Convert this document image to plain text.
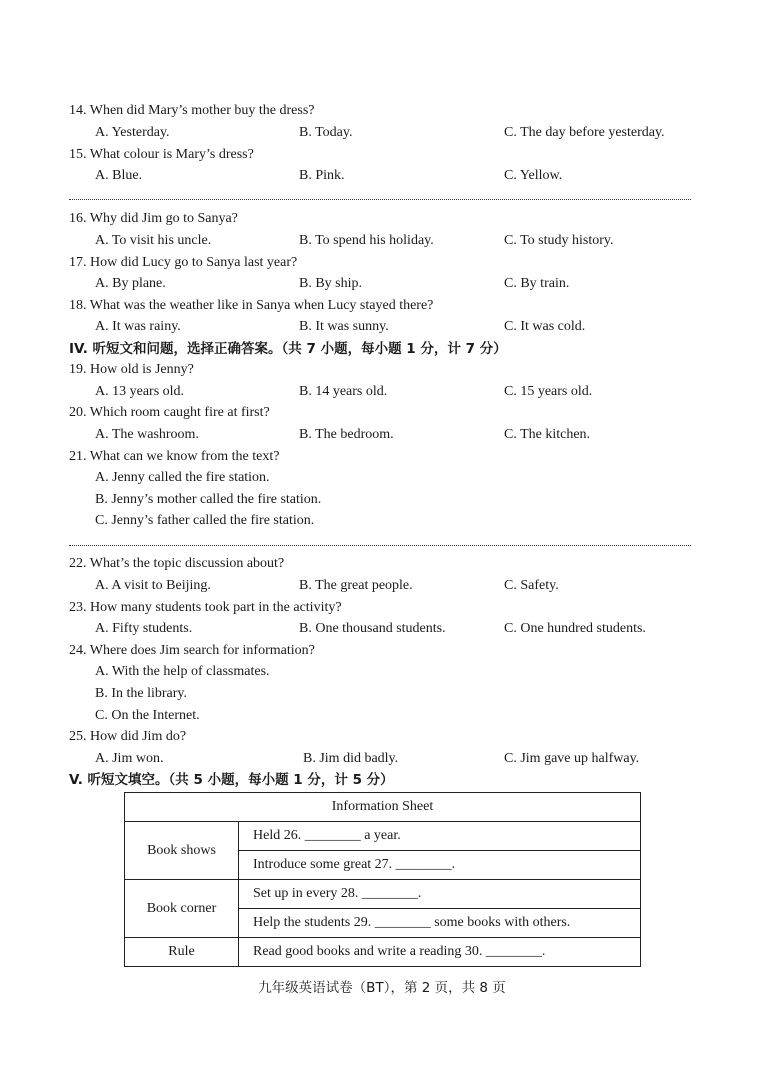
14. When did Mary’s mother buy the dress?
A. Yesterday.	B. Today.	C. The day before yesterday.
15. What colour is Mary’s dress?
A. Blue.	B. Pink.	C. Yellow.
16. Why did Jim go to Sanya?
A. To visit his uncle.	B. To spend his holiday.	C. To study history.
17. How did Lucy go to Sanya last year?
A. By plane.	B. By ship.	C. By train.
18. What was the weather like in Sanya when Lucy stayed there?
A. It was rainy.	B. It was sunny.	C. It was cold.
IV. 听短文和问题，选择正确答案。（共 7 小题，每小题 1 分，计 7 分）
19. How old is Jenny?
A. 13 years old.	B. 14 years old.	C. 15 years old.
20. Which room caught fire at first?
A. The washroom.	B. The bedroom.	C. The kitchen.
21. What can we know from the text?
A. Jenny called the fire station.
B. Jenny’s mother called the fire station.
C. Jenny’s father called the fire station.
22. What’s the topic discussion about?
A. A visit to Beijing.	B. The great people.	C. Safety.
23. How many students took part in the activity?
A. Fifty students.	B. One thousand students.	C. One hundred students.
24. Where does Jim search for information?
A. With the help of classmates.
B. In the library.
C. On the Internet.
25. How did Jim do?
A. Jim won.	B. Jim did badly.	C. Jim gave up halfway.
V. 听短文填空。（共 5 小题，每小题 1 分，计 5 分）
Information Sheet	
Book shows	Held 26. ________ a year.
	Introduce some great 27. ________.
Book corner	Set up in every 28. ________.
	Help the students 29. ________ some books with others.
Rule	Read good books and write a reading 30. ________.
九年级英语试卷（BT），第 2 页，共 8 页
